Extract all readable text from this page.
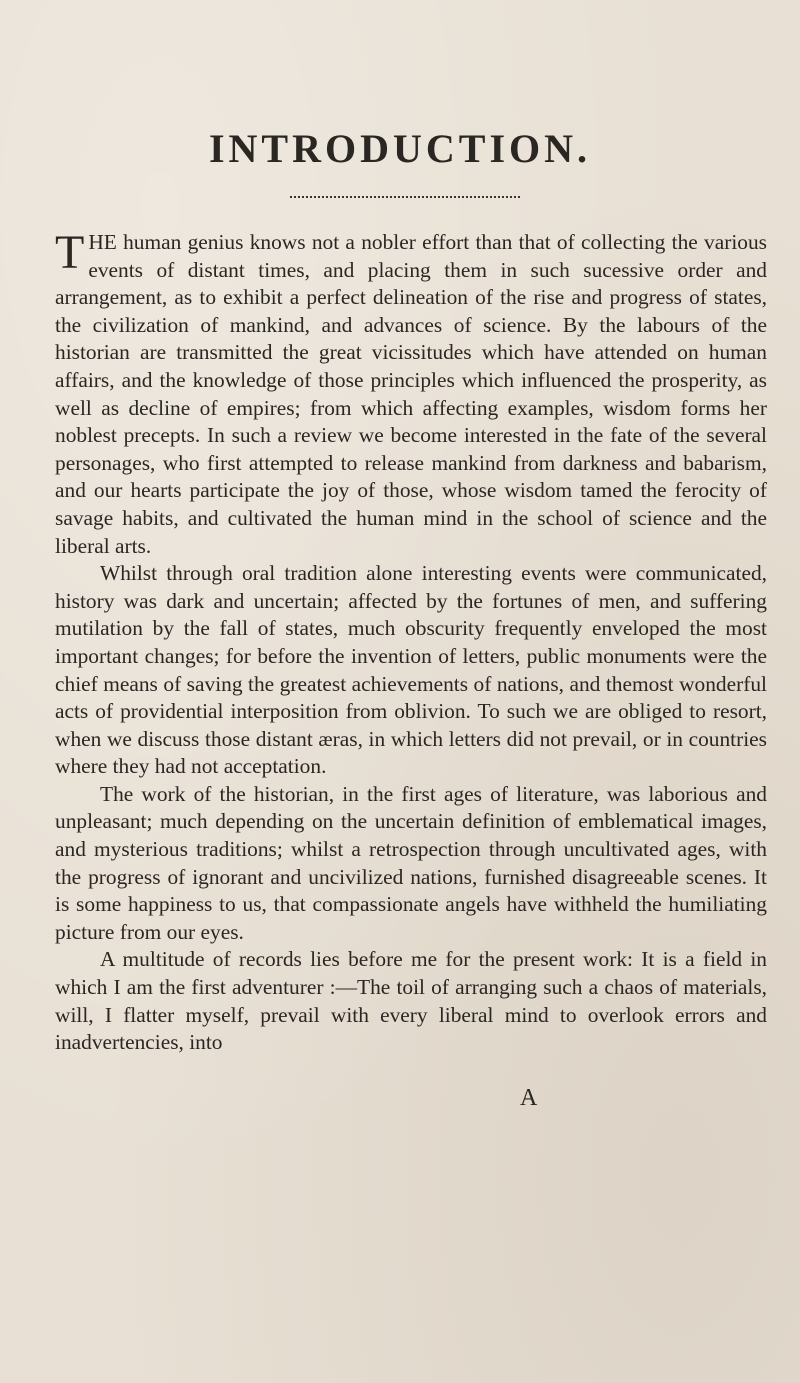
INTRODUCTION.

THE human genius knows not a nobler effort than that of collecting the various events of distant times, and placing them in such sucessive order and arrangement, as to exhibit a perfect delineation of the rise and progress of states, the civilization of mankind, and advances of science. By the labours of the historian are transmitted the great vicissitudes which have attended on human affairs, and the knowledge of those principles which influenced the prosperity, as well as decline of empires; from which affecting examples, wisdom forms her noblest precepts. In such a review we become interested in the fate of the several personages, who first attempted to release mankind from darkness and babarism, and our hearts participate the joy of those, whose wisdom tamed the ferocity of savage habits, and cultivated the human mind in the school of science and the liberal arts.

Whilst through oral tradition alone interesting events were communicated, history was dark and uncertain; affected by the fortunes of men, and suffering mutilation by the fall of states, much obscurity frequently enveloped the most important changes; for before the invention of letters, public monuments were the chief means of saving the greatest achievements of nations, and themost wonderful acts of providential interposition from oblivion. To such we are obliged to resort, when we discuss those distant æras, in which letters did not prevail, or in countries where they had not acceptation.

The work of the historian, in the first ages of literature, was laborious and unpleasant; much depending on the uncertain definition of emblematical images, and mysterious traditions; whilst a retrospection through uncultivated ages, with the progress of ignorant and uncivilized nations, furnished disagreeable scenes. It is some happiness to us, that compassionate angels have withheld the humiliating picture from our eyes.

A multitude of records lies before me for the present work: It is a field in which I am the first adventurer :—The toil of arranging such a chaos of materials, will, I flatter myself, prevail with every liberal mind to overlook errors and inadvertencies, into

A
